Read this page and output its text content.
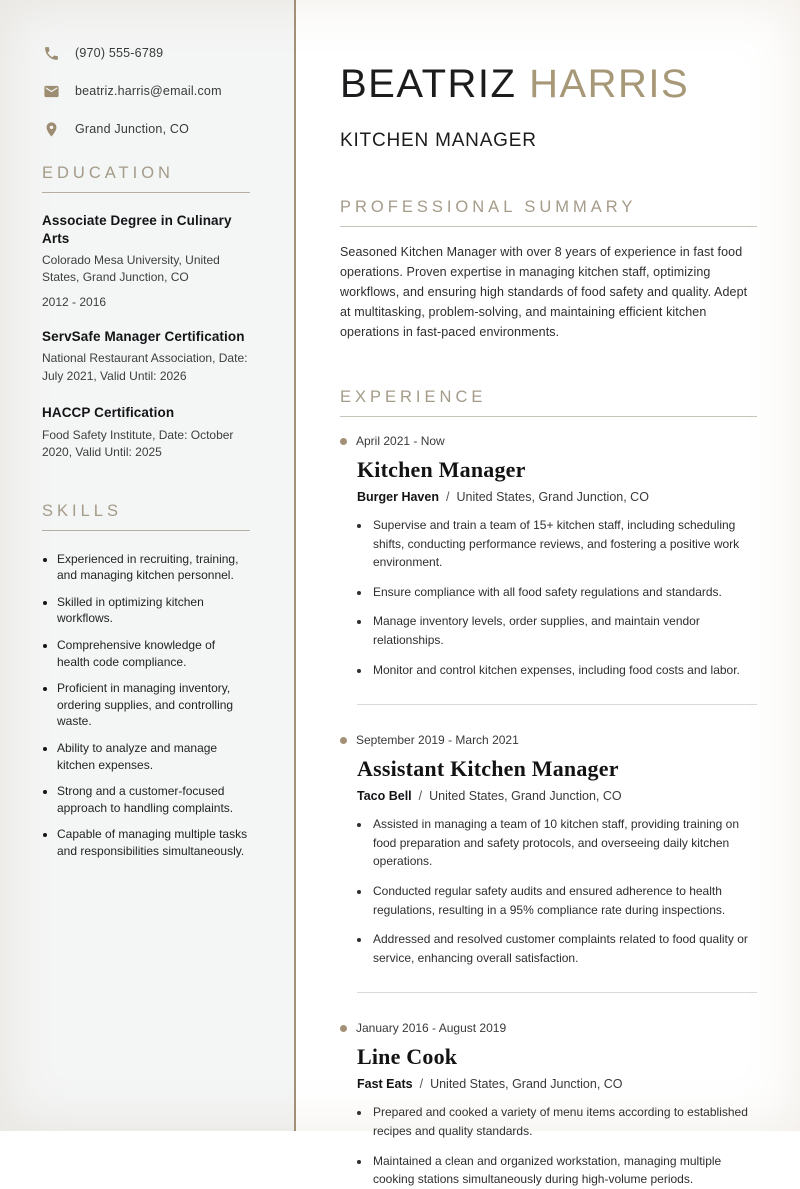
(970) 555-6789
beatriz.harris@email.com
Grand Junction, CO
EDUCATION
Associate Degree in Culinary Arts
Colorado Mesa University, United States, Grand Junction, CO
2012 - 2016
ServSafe Manager Certification
National Restaurant Association, Date: July 2021, Valid Until: 2026
HACCP Certification
Food Safety Institute, Date: October 2020, Valid Until: 2025
SKILLS
• Experienced in recruiting, training, and managing kitchen personnel.
• Skilled in optimizing kitchen workflows.
• Comprehensive knowledge of health code compliance.
• Proficient in managing inventory, ordering supplies, and controlling waste.
• Ability to analyze and manage kitchen expenses.
• Strong and a customer-focused approach to handling complaints.
• Capable of managing multiple tasks and responsibilities simultaneously.
BEATRIZ HARRIS
KITCHEN MANAGER
PROFESSIONAL SUMMARY

Seasoned Kitchen Manager with over 8 years of experience in fast food operations. Proven expertise in managing kitchen staff, optimizing workflows, and ensuring high standards of food safety and quality. Adept at multitasking, problem-solving, and maintaining efficient kitchen operations in fast-paced environments.

EXPERIENCE
April 2021 - Now
Kitchen Manager
Burger Haven / United States, Grand Junction, CO
• Supervise and train a team of 15+ kitchen staff, including scheduling shifts, conducting performance reviews, and fostering a positive work environment.
• Ensure compliance with all food safety regulations and standards.
• Manage inventory levels, order supplies, and maintain vendor relationships.
• Monitor and control kitchen expenses, including food costs and labor.
September 2019 - March 2021
Assistant Kitchen Manager
Taco Bell / United States, Grand Junction, CO
• Assisted in managing a team of 10 kitchen staff, providing training on food preparation and safety protocols, and overseeing daily kitchen operations.
• Conducted regular safety audits and ensured adherence to health regulations, resulting in a 95% compliance rate during inspections.
• Addressed and resolved customer complaints related to food quality or service, enhancing overall satisfaction.
January 2016 - August 2019
Line Cook
Fast Eats / United States, Grand Junction, CO
• Prepared and cooked a variety of menu items according to established recipes and quality standards.
• Maintained a clean and organized workstation, managing multiple cooking stations simultaneously during high-volume periods.
